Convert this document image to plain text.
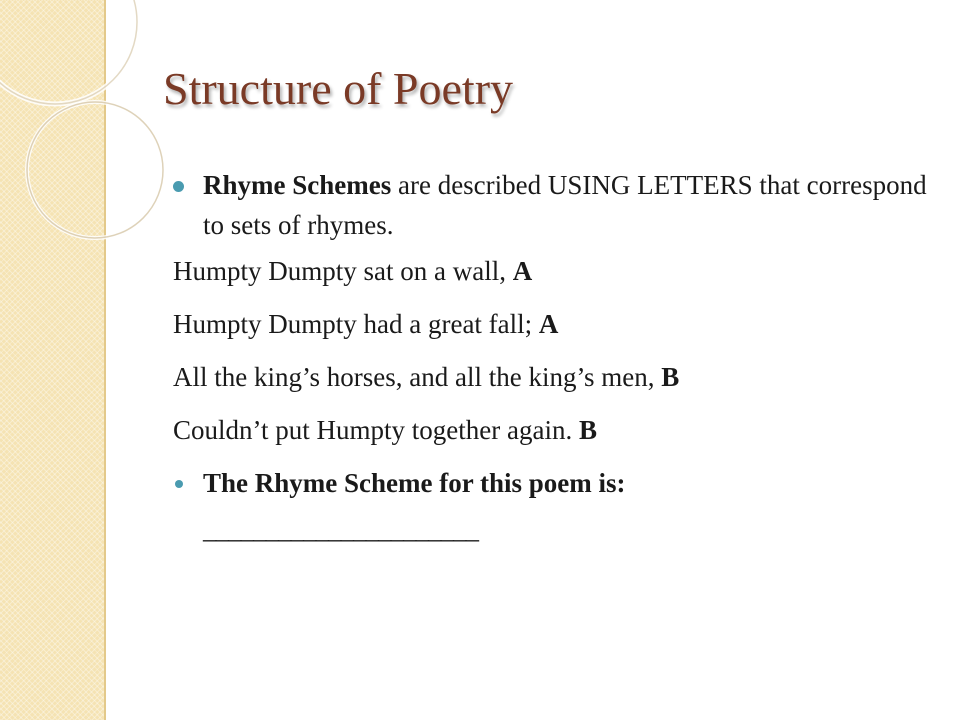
Structure of Poetry
Rhyme Schemes are described USING LETTERS that correspond to sets of rhymes.
Humpty Dumpty sat on a wall, A
Humpty Dumpty had a great fall; A
All the king’s horses, and all the king’s men, B
Couldn’t put Humpty together again. B
The Rhyme Scheme for this poem is:
______________________
